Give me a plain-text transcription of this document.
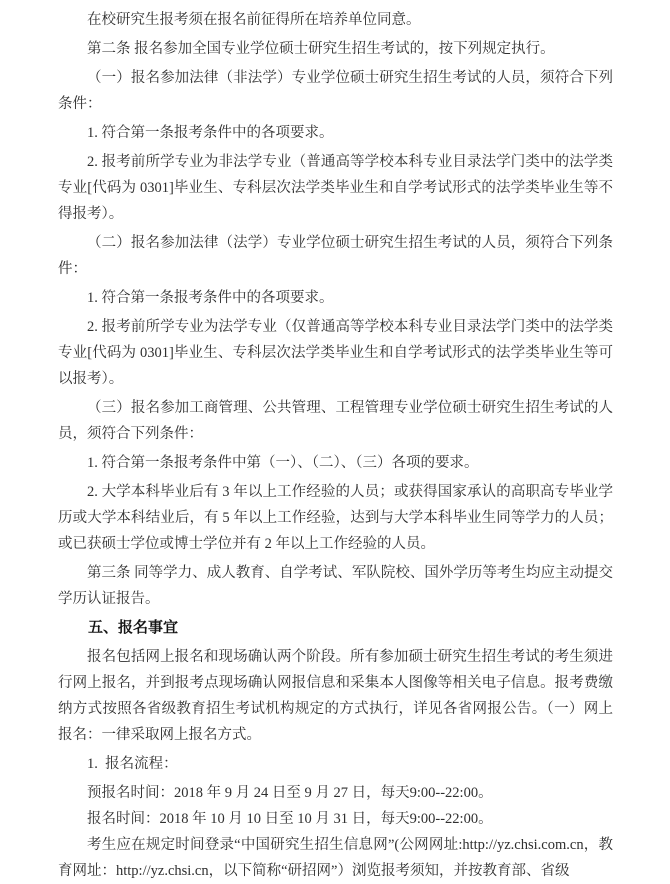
在校研究生报考须在报名前征得所在培养单位同意。

第二条 报名参加全国专业学位硕士研究生招生考试的，按下列规定执行。

（一）报名参加法律（非法学）专业学位硕士研究生招生考试的人员，须符合下列条件：

1. 符合第一条报考条件中的各项要求。

2. 报考前所学专业为非法学专业（普通高等学校本科专业目录法学门类中的法学类专业[代码为 0301]毕业生、专科层次法学类毕业生和自学考试形式的法学类毕业生等不得报考）。

（二）报名参加法律（法学）专业学位硕士研究生招生考试的人员，须符合下列条件：

1. 符合第一条报考条件中的各项要求。

2. 报考前所学专业为法学专业（仅普通高等学校本科专业目录法学门类中的法学类专业[代码为 0301]毕业生、专科层次法学类毕业生和自学考试形式的法学类毕业生等可以报考）。

（三）报名参加工商管理、公共管理、工程管理专业学位硕士研究生招生考试的人员，须符合下列条件：

1. 符合第一条报考条件中第（一）、（二）、（三）各项的要求。

2. 大学本科毕业后有 3 年以上工作经验的人员；或获得国家承认的高职高专毕业学历或大学本科结业后，有 5 年以上工作经验，达到与大学本科毕业生同等学力的人员；或已获硕士学位或博士学位并有 2 年以上工作经验的人员。

第三条 同等学力、成人教育、自学考试、军队院校、国外学历等考生均应主动提交学历认证报告。

五、报名事宜

报名包括网上报名和现场确认两个阶段。所有参加硕士研究生招生考试的考生须进行网上报名，并到报考点现场确认网报信息和采集本人图像等相关电子信息。报考费缴纳方式按照各省级教育招生考试机构规定的方式执行，详见各省网报公告。（一）网上报名：一律采取网上报名方式。

1.  报名流程：

预报名时间：2018 年 9 月 24 日至 9 月 27 日，每天9:00--22:00。

报名时间：2018 年 10 月 10 日至 10 月 31 日，每天9:00--22:00。

考生应在规定时间登录“中国研究生招生信息网”(公网网址:http://yz.chsi.com.cn，教育网址：http://yz.chsi.cn，以下简称“研招网”）浏览报考须知，并按教育部、省级
